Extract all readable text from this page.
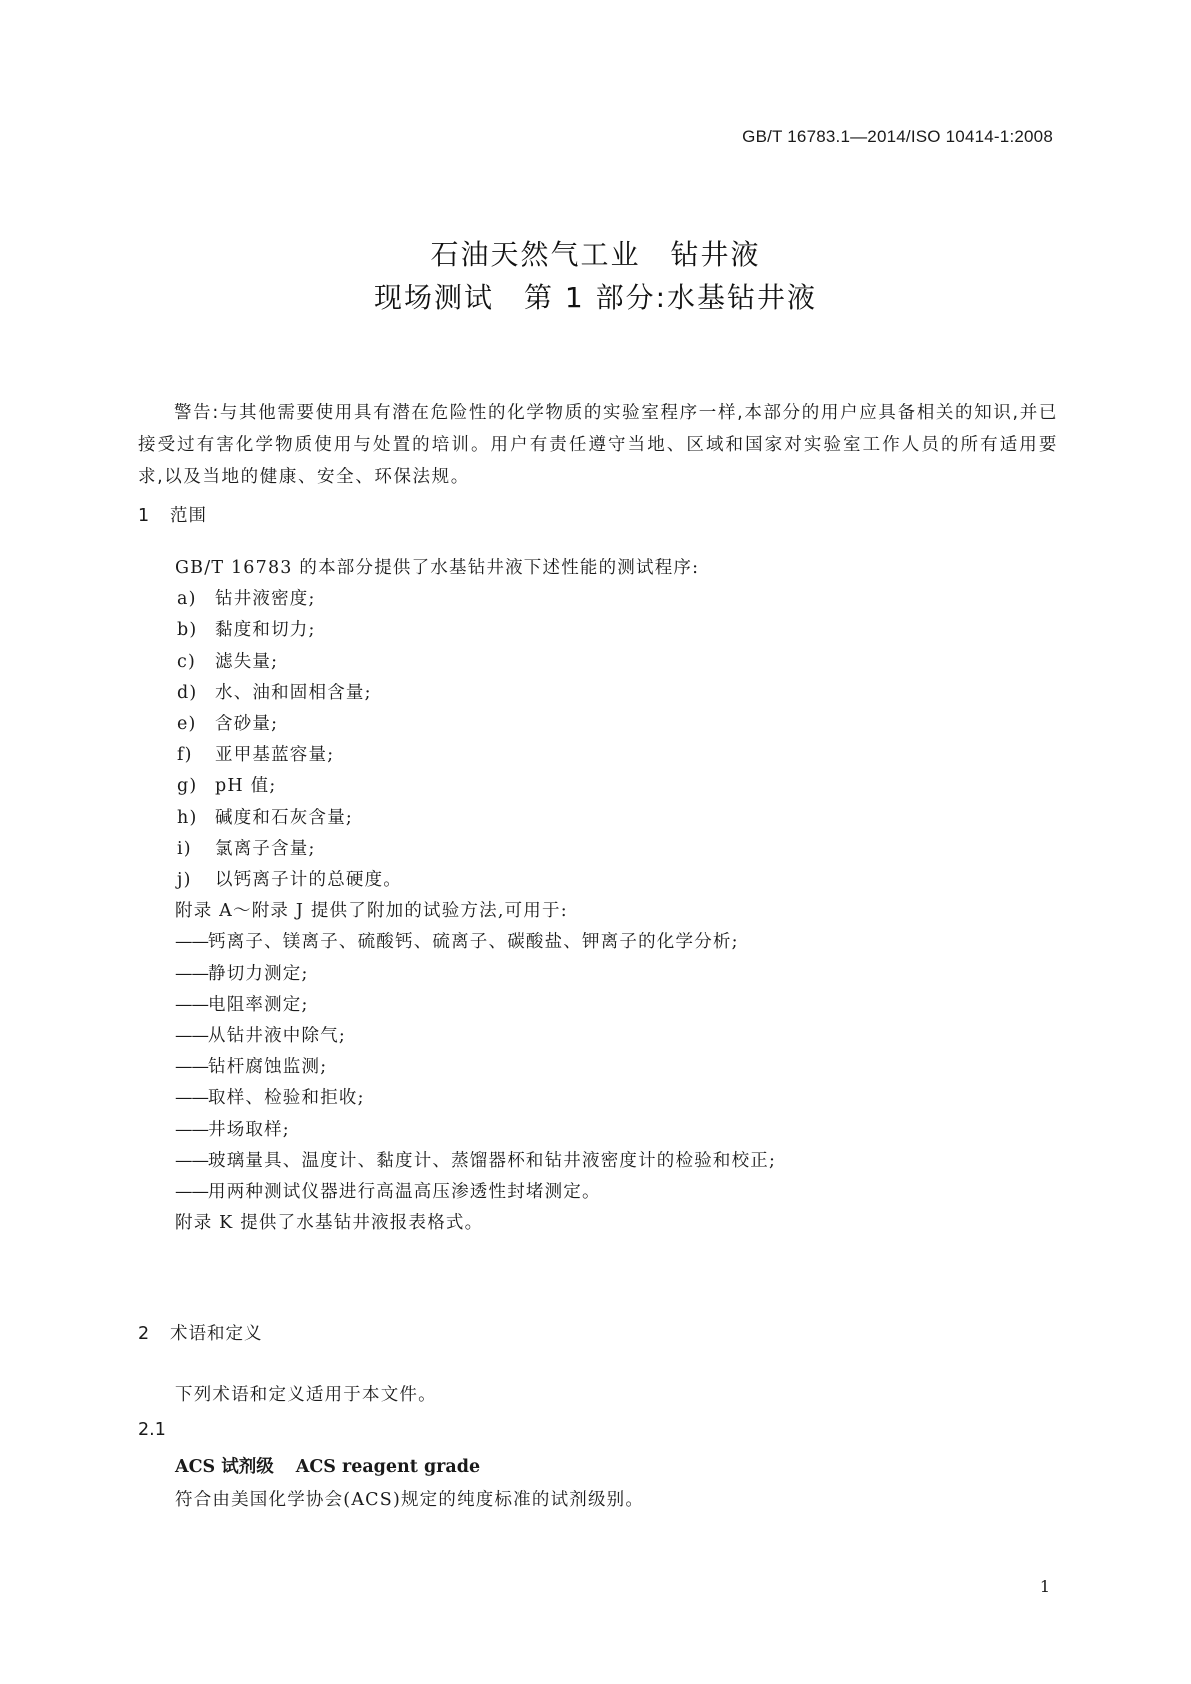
GB/T 16783.1—2014/ISO 10414-1:2008
石油天然气工业　钻井液
现场测试　第 1 部分:水基钻井液
警告:与其他需要使用具有潜在危险性的化学物质的实验室程序一样,本部分的用户应具备相关的知识,并已接受过有害化学物质使用与处置的培训。用户有责任遵守当地、区域和国家对实验室工作人员的所有适用要求,以及当地的健康、安全、环保法规。
1 范围
GB/T 16783 的本部分提供了水基钻井液下述性能的测试程序:
a) 钻井液密度;
b) 黏度和切力;
c) 滤失量;
d) 水、油和固相含量;
e) 含砂量;
f) 亚甲基蓝容量;
g) pH 值;
h) 碱度和石灰含量;
i) 氯离子含量;
j) 以钙离子计的总硬度。
附录 A～附录 J 提供了附加的试验方法,可用于:
——钙离子、镁离子、硫酸钙、硫离子、碳酸盐、钾离子的化学分析;
——静切力测定;
——电阻率测定;
——从钻井液中除气;
——钻杆腐蚀监测;
——取样、检验和拒收;
——井场取样;
——玻璃量具、温度计、黏度计、蒸馏器杯和钻井液密度计的检验和校正;
——用两种测试仪器进行高温高压渗透性封堵测定。
附录 K 提供了水基钻井液报表格式。
2 术语和定义
下列术语和定义适用于本文件。
2.1
ACS 试剂级 ACS reagent grade
符合由美国化学协会(ACS)规定的纯度标准的试剂级别。
1
